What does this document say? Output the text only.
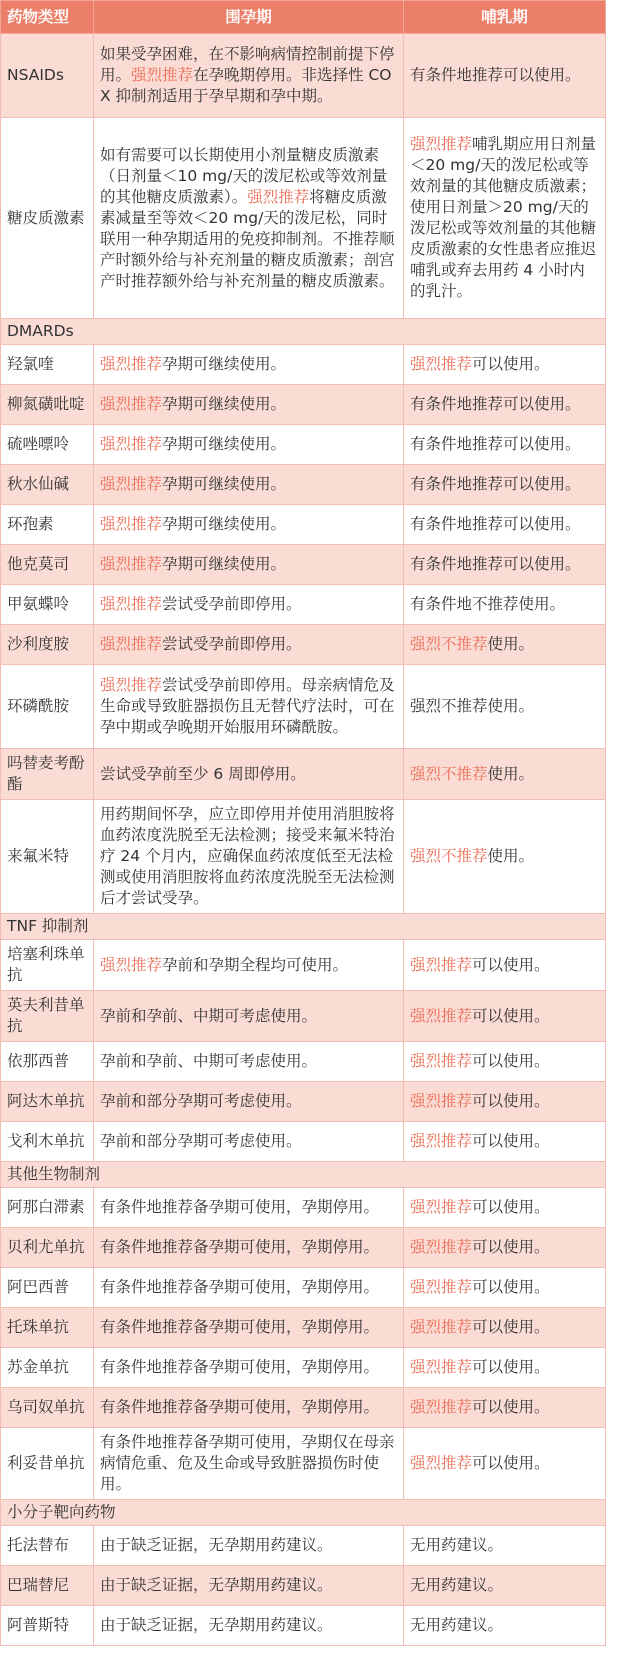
药物类型	围孕期	哺乳期
NSAIDs	如果受孕困难，在不影响病情控制前提下停用。强烈推荐在孕晚期停用。非选择性 COX 抑制剂适用于孕早期和孕中期。	有条件地推荐可以使用。
糖皮质激素	如有需要可以长期使用小剂量糖皮质激素（日剂量＜10 mg/天的泼尼松或等效剂量的其他糖皮质激素）。强烈推荐将糖皮质激素减量至等效＜20 mg/天的泼尼松，同时联用一种孕期适用的免疫抑制剂。不推荐顺产时额外给与补充剂量的糖皮质激素；剖宫产时推荐额外给与补充剂量的糖皮质激素。	强烈推荐哺乳期应用日剂量＜20 mg/天的泼尼松或等效剂量的其他糖皮质激素；使用日剂量＞20 mg/天的泼尼松或等效剂量的其他糖皮质激素的女性患者应推迟哺乳或弃去用药 4 小时内的乳汁。
DMARDs		
羟氯喹	强烈推荐孕期可继续使用。	强烈推荐可以使用。
柳氮磺吡啶	强烈推荐孕期可继续使用。	有条件地推荐可以使用。
硫唑嘌呤	强烈推荐孕期可继续使用。	有条件地推荐可以使用。
秋水仙碱	强烈推荐孕期可继续使用。	有条件地推荐可以使用。
环孢素	强烈推荐孕期可继续使用。	有条件地推荐可以使用。
他克莫司	强烈推荐孕期可继续使用。	有条件地推荐可以使用。
甲氨蝶呤	强烈推荐尝试受孕前即停用。	有条件地不推荐使用。
沙利度胺	强烈推荐尝试受孕前即停用。	强烈不推荐使用。
环磷酰胺	强烈推荐尝试受孕前即停用。母亲病情危及生命或导致脏器损伤且无替代疗法时，可在孕中期或孕晚期开始服用环磷酰胺。	强烈不推荐使用。
吗替麦考酚酯	尝试受孕前至少 6 周即停用。	强烈不推荐使用。
来氟米特	用药期间怀孕，应立即停用并使用消胆胺将血药浓度洗脱至无法检测；接受来氟米特治疗 24 个月内，应确保血药浓度低至无法检测或使用消胆胺将血药浓度洗脱至无法检测后才尝试受孕。	强烈不推荐使用。
TNF 抑制剂		
培塞利珠单抗	强烈推荐孕前和孕期全程均可使用。	强烈推荐可以使用。
英夫利昔单抗	孕前和孕前、中期可考虑使用。	强烈推荐可以使用。
依那西普	孕前和孕前、中期可考虑使用。	强烈推荐可以使用。
阿达木单抗	孕前和部分孕期可考虑使用。	强烈推荐可以使用。
戈利木单抗	孕前和部分孕期可考虑使用。	强烈推荐可以使用。
其他生物制剂		
阿那白滞素	有条件地推荐备孕期可使用，孕期停用。	强烈推荐可以使用。
贝利尤单抗	有条件地推荐备孕期可使用，孕期停用。	强烈推荐可以使用。
阿巴西普	有条件地推荐备孕期可使用，孕期停用。	强烈推荐可以使用。
托珠单抗	有条件地推荐备孕期可使用，孕期停用。	强烈推荐可以使用。
苏金单抗	有条件地推荐备孕期可使用，孕期停用。	强烈推荐可以使用。
乌司奴单抗	有条件地推荐备孕期可使用，孕期停用。	强烈推荐可以使用。
利妥昔单抗	有条件地推荐备孕期可使用，孕期仅在母亲病情危重、危及生命或导致脏器损伤时使用。	强烈推荐可以使用。
小分子靶向药物		
托法替布	由于缺乏证据，无孕期用药建议。	无用药建议。
巴瑞替尼	由于缺乏证据，无孕期用药建议。	无用药建议。
阿普斯特	由于缺乏证据，无孕期用药建议。	无用药建议。
